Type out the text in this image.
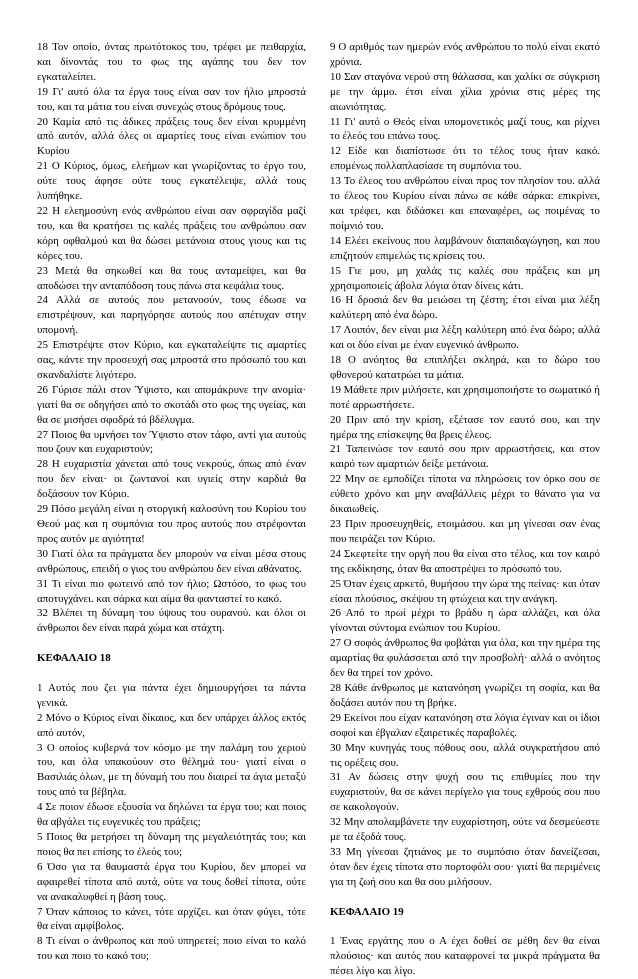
18 Τον οποίο, όντας πρωτότοκος του, τρέφει με πειθαρχία, και δίνοντάς του το φως της αγάπης του δεν τον εγκαταλείπει.

19 Γι' αυτό όλα τα έργα τους είναι σαν τον ήλιο μπροστά του, και τα μάτια του είναι συνεχώς στους δρόμους τους.

20 Καμία από τις άδικες πράξεις τους δεν είναι κρυμμένη από αυτόν, αλλά όλες οι αμαρτίες τους είναι ενώπιον του Κυρίου

21 Ο Κύριος, όμως, ελεήμων και γνωρίζοντας το έργο του, ούτε τους άφησε ούτε τους εγκατέλειψε, αλλά τους λυπήθηκε.

22 Η ελεημοσύνη ενός ανθρώπου είναι σαν σφραγίδα μαζί του, και θα κρατήσει τις καλές πράξεις του ανθρώπου σαν κόρη οφθαλμού και θα δώσει μετάνοια στους γιους και τις κόρες του.

23 Μετά θα σηκωθεί και θα τους ανταμείψει, και θα αποδώσει την ανταπόδοση τους πάνω στα κεφάλια τους.

24 Αλλά σε αυτούς που μετανοούν, τους έδωσε να επιστρέψουν, και παρηγόρησε αυτούς που απέτυχαν στην υπομονή.

25 Επιστρέψτε στον Κύριο, και εγκαταλείψτε τις αμαρτίες σας, κάντε την προσευχή σας μπροστά στο πρόσωπό του και σκανδαλίστε λιγότερο.

26 Γύρισε πάλι στον Ύψιστο, και απομάκρυνε την ανομία· γιατί θα σε οδηγήσει από το σκοτάδι στο φως της υγείας, και θα σε μισήσει σφοδρά τό βδέλυγμα.

27 Ποιος θα υμνήσει τον Ύψιστο στον τάφο, αντί για αυτούς που ζουν και ευχαριστούν;

28 Η ευχαριστία χάνεται από τους νεκρούς, όπως από έναν που δεν είναι· οι ζωντανοί και υγιείς στην καρδιά θα δοξάσουν τον Κύριο.

29 Πόσο μεγάλη είναι η στοργική καλοσύνη του Κυρίου του Θεού μας και η συμπόνια του προς αυτούς που στρέφονται προς αυτόν με αγιότητα!

30 Γιατί όλα τα πράγματα δεν μπορούν να είναι μέσα στους ανθρώπους, επειδή ο γιος του ανθρώπου δεν είναι αθάνατος.

31 Τι είναι πιο φωτεινό από τον ήλιο; Ωστόσο, το φως του αποτυγχάνει. και σάρκα και αίμα θα φανταστεί το κακό.

32 Βλέπει τη δύναμη του ύψους του ουρανού. και όλοι οι άνθρωποι δεν είναι παρά χώμα και στάχτη.

ΚΕΦΑΛΑΙΟ 18

1 Αυτός που ζει για πάντα έχει δημιουργήσει τα πάντα γενικά.

2 Μόνο ο Κύριος είναι δίκαιος, και δεν υπάρχει άλλος εκτός από αυτόν,

3 Ο οποίος κυβερνά τον κόσμο με την παλάμη του χεριού του, και όλα υπακούουν στο θέλημά του· γιατί είναι ο Βασιλιάς όλων, με τη δύναμή του που διαιρεί τα άγια μεταξύ τους από τα βέβηλα.

4 Σε ποιον έδωσε εξουσία να δηλώνει τα έργα του; και ποιος θα αβγάλει τις ευγενικές του πράξεις;

5 Ποιος θα μετρήσει τη δύναμη της μεγαλειότητάς του; και ποιος θα πει επίσης το έλεός του;

6 Όσο για τα θαυμαστά έργα του Κυρίου, δεν μπορεί να αφαιρεθεί τίποτα από αυτά, ούτε να τους δοθεί τίποτα, ούτε να ανακαλυφθεί η βάση τους.

7 Όταν κάποιος το κάνει, τότε αρχίζει. και όταν φύγει, τότε θα είναι αμφίβολος.

8 Τι είναι ο άνθρωπος και πού υπηρετεί; ποιο είναι το καλό του και ποιο το κακό του;

9 Ο αριθμός των ημερών ενός ανθρώπου το πολύ είναι εκατό χρόνια.

10 Σαν σταγόνα νερού στη θάλασσα, και χαλίκι σε σύγκριση με την άμμο. έτσι είναι χίλια χρόνια στις μέρες της αιωνιότητας.

11 Γι' αυτό ο Θεός είναι υπομονετικός μαζί τους, και ρίχνει το έλεός του επάνω τους.

12 Είδε και διαπίστωσε ότι το τέλος τους ήταν κακό. επομένως πολλαπλασίασε τη συμπόνια του.

13 Το έλεος του ανθρώπου είναι προς τον πλησίον του. αλλά το έλεος του Κυρίου είναι πάνω σε κάθε σάρκα: επικρίνει, και τρέφει, και διδάσκει και επαναφέρει, ως ποιμένας το ποίμνιό του.

14 Ελέει εκείνους που λαμβάνουν διαπαιδαγώγηση, και που επιζητούν επιμελώς τις κρίσεις του.

15 Γιε μου, μη χαλάς τις καλές σου πράξεις και μη χρησιμοποιείς άβολα λόγια όταν δίνεις κάτι.

16 Η δροσιά δεν θα μειώσει τη ζέστη; έτσι είναι μια λέξη καλύτερη από ένα δώρο.

17 Λοιπόν, δεν είναι μια λέξη καλύτερη από ένα δώρο; αλλά και οι δύο είναι με έναν ευγενικό άνθρωπο.

18 Ο ανόητος θα επιπλήξει σκληρά, και το δώρο του φθονερού κατατρώει τα μάτια.

19 Μάθετε πριν μιλήσετε, και χρησιμοποιήστε το σωματικό ή ποτέ αρρωστήσετε.

20 Πριν από την κρίση, εξέτασε τον εαυτό σου, και την ημέρα της επίσκεψης θα βρεις έλεος.

21 Ταπεινώσε τον εαυτό σου πριν αρρωστήσεις, και στον καιρό των αμαρτιών δείξε μετάνοια.

22 Μην σε εμποδίζει τίποτα να πληρώσεις τον όρκο σου σε εύθετο χρόνο και μην αναβάλλεις μέχρι το θάνατο για να δικαιωθείς.

23 Πριν προσευχηθείς, ετοιμάσου. και μη γίνεσαι σαν ένας που πειράζει τον Κύριο.

24 Σκεφτείτε την οργή που θα είναι στο τέλος, και τον καιρό της εκδίκησης, όταν θα αποστρέψει το πρόσωπό του.

25 Όταν έχεις αρκετό, θυμήσου την ώρα της πείνας· και όταν είσαι πλούσιος, σκέψου τη φτώχεια και την ανάγκη.

26 Από το πρωί μέχρι το βράδυ η ώρα αλλάζει, και όλα γίνονται σύντομα ενώπιον του Κυρίου.

27 Ο σοφός άνθρωπος θα φοβάται για όλα, και την ημέρα της αμαρτίας θα φυλάσσεται από την προσβολή· αλλά ο ανόητος δεν θα τηρεί τον χρόνο.

28 Κάθε άνθρωπος με κατανόηση γνωρίζει τη σοφία, και θα δοξάσει αυτόν που τη βρήκε.

29 Εκείνοι που είχαν κατανόηση στα λόγια έγιναν και οι ίδιοι σοφοί και έβγαλαν εξαιρετικές παραβολές.

30 Μην κυνηγάς τους πόθους σου, αλλά συγκρατήσου από τις ορέξεις σου.

31 Αν δώσεις στην ψυχή σου τις επιθυμίες που την ευχαριστούν, θα σε κάνει περίγελο για τους εχθρούς σου που σε κακολογούν.

32 Μην απολαμβάνετε την ευχαρίστηση, ούτε να δεσμεύεστε με τα έξοδά τους.

33 Μη γίνεσαι ζητιάνος με το συμπόσιο όταν δανείζεσαι, όταν δεν έχεις τίποτα στο πορτοφόλι σου· γιατί θα περιμένεις για τη ζωή σου και θα σου μιλήσουν.

ΚΕΦΑΛΑΙΟ 19

1 Ένας εργάτης που ο Α έχει δοθεί σε μέθη δεν θα είναι πλούσιος· και αυτός που καταφρονεί τα μικρά πράγματα θα πέσει λίγο και λίγο.
